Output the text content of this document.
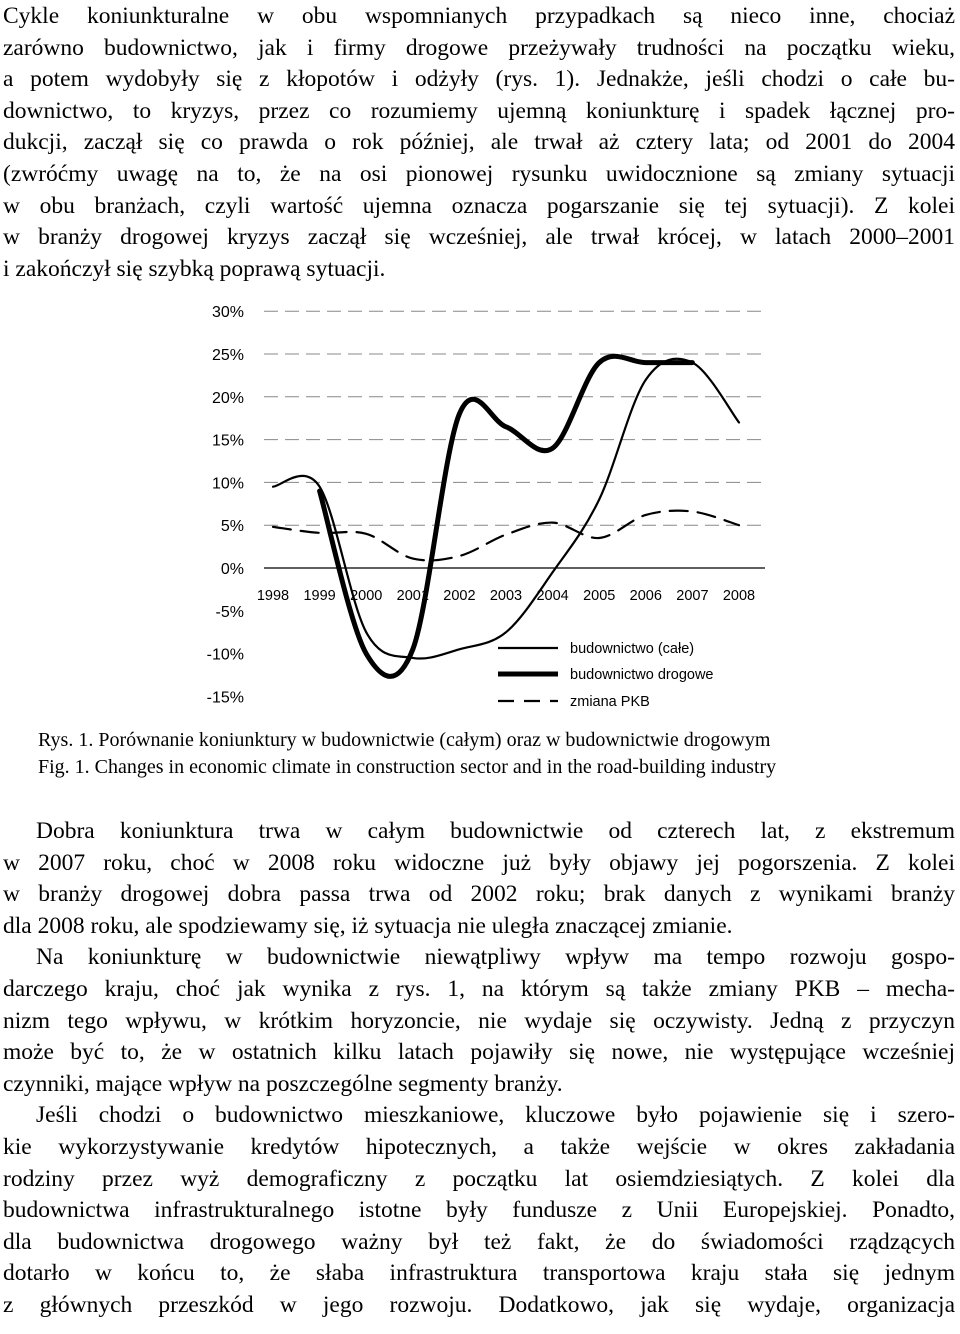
Cykle koniunkturalne w obu wspomnianych przypadkach są nieco inne, chociaż
zarówno budownictwo, jak i firmy drogowe przeżywały trudności na początku wieku,
a potem wydobyły się z kłopotów i odżyły (rys. 1). Jednakże, jeśli chodzi o całe bu-
downictwo, to kryzys, przez co rozumiemy ujemną koniunkturę i spadek łącznej pro-
dukcji, zaczął się co prawda o rok później, ale trwał aż cztery lata; od 2001 do 2004
(zwróćmy uwagę na to, że na osi pionowej rysunku uwidocznione są zmiany sytuacji
w obu branżach, czyli wartość ujemna oznacza pogarszanie się tej sytuacji). Z kolei
w branży drogowej kryzys zaczął się wcześniej, ale trwał krócej, w latach 2000–2001
i zakończył się szybką poprawą sytuacji.
30%
25%
20%
15%
10%
5%
0%
-5%
-10%
-15%
1998 1999 2000 2001 2002 2003 2004 2005 2006 2007 2008
budownictwo (całe)
budownictwo drogowe
zmiana PKB
Rys. 1. Porównanie koniunktury w budownictwie (całym) oraz w budownictwie drogowym
Fig. 1. Changes in economic climate in construction sector and in the road-building industry
Dobra koniunktura trwa w całym budownictwie od czterech lat, z ekstremum
w 2007 roku, choć w 2008 roku widoczne już były objawy jej pogorszenia. Z kolei
w branży drogowej dobra passa trwa od 2002 roku; brak danych z wynikami branży
dla 2008 roku, ale spodziewamy się, iż sytuacja nie uległa znaczącej zmianie.
Na koniunkturę w budownictwie niewątpliwy wpływ ma tempo rozwoju gospo-
darczego kraju, choć jak wynika z rys. 1, na którym są także zmiany PKB – mecha-
nizm tego wpływu, w krótkim horyzoncie, nie wydaje się oczywisty. Jedną z przyczyn
może być to, że w ostatnich kilku latach pojawiły się nowe, nie występujące wcześniej
czynniki, mające wpływ na poszczególne segmenty branży.
Jeśli chodzi o budownictwo mieszkaniowe, kluczowe było pojawienie się i szero-
kie wykorzystywanie kredytów hipotecznych, a także wejście w okres zakładania
rodziny przez wyż demograficzny z początku lat osiemdziesiątych. Z kolei dla
budownictwa infrastrukturalnego istotne były fundusze z Unii Europejskiej. Ponadto,
dla budownictwa drogowego ważny był też fakt, że do świadomości rządzących
dotarło w końcu to, że słaba infrastruktura transportowa kraju stała się jednym
z głównych przeszkód w jego rozwoju. Dodatkowo, jak się wydaje, organizacja
